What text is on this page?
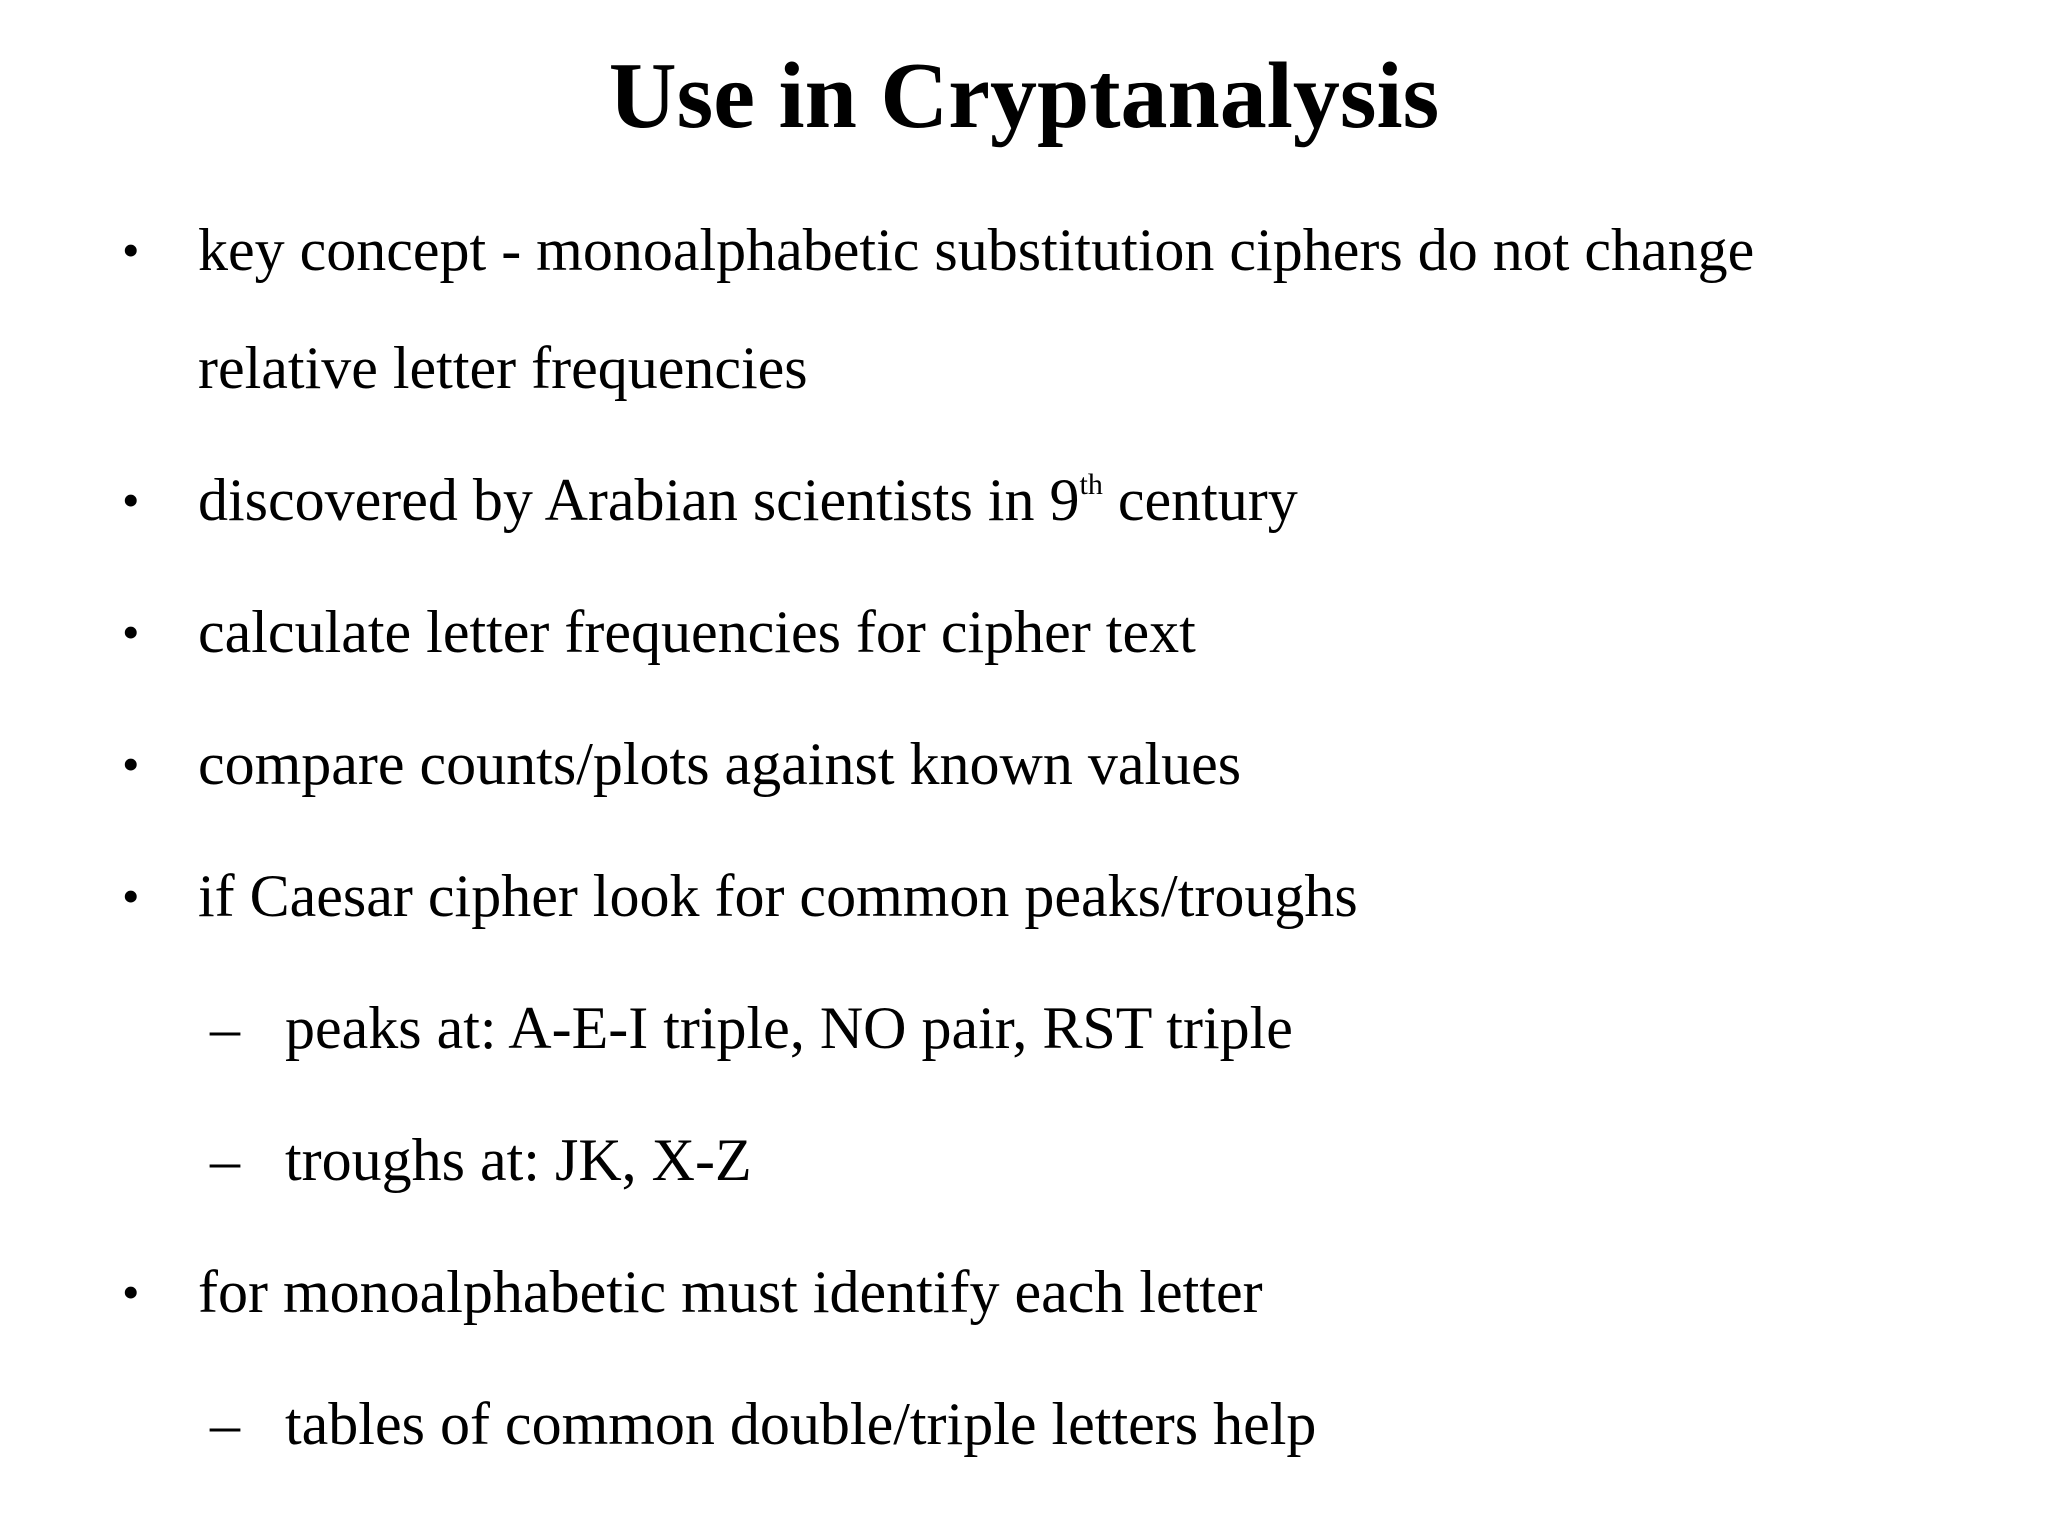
Use in Cryptanalysis
• key concept - monoalphabetic substitution ciphers do not change
relative letter frequencies
• discovered by Arabian scientists in 9th century
• calculate letter frequencies for cipher text
• compare counts/plots against known values
• if Caesar cipher look for common peaks/troughs
– peaks at: A-E-I triple, NO pair, RST triple
– troughs at: JK, X-Z
• for monoalphabetic must identify each letter
– tables of common double/triple letters help
